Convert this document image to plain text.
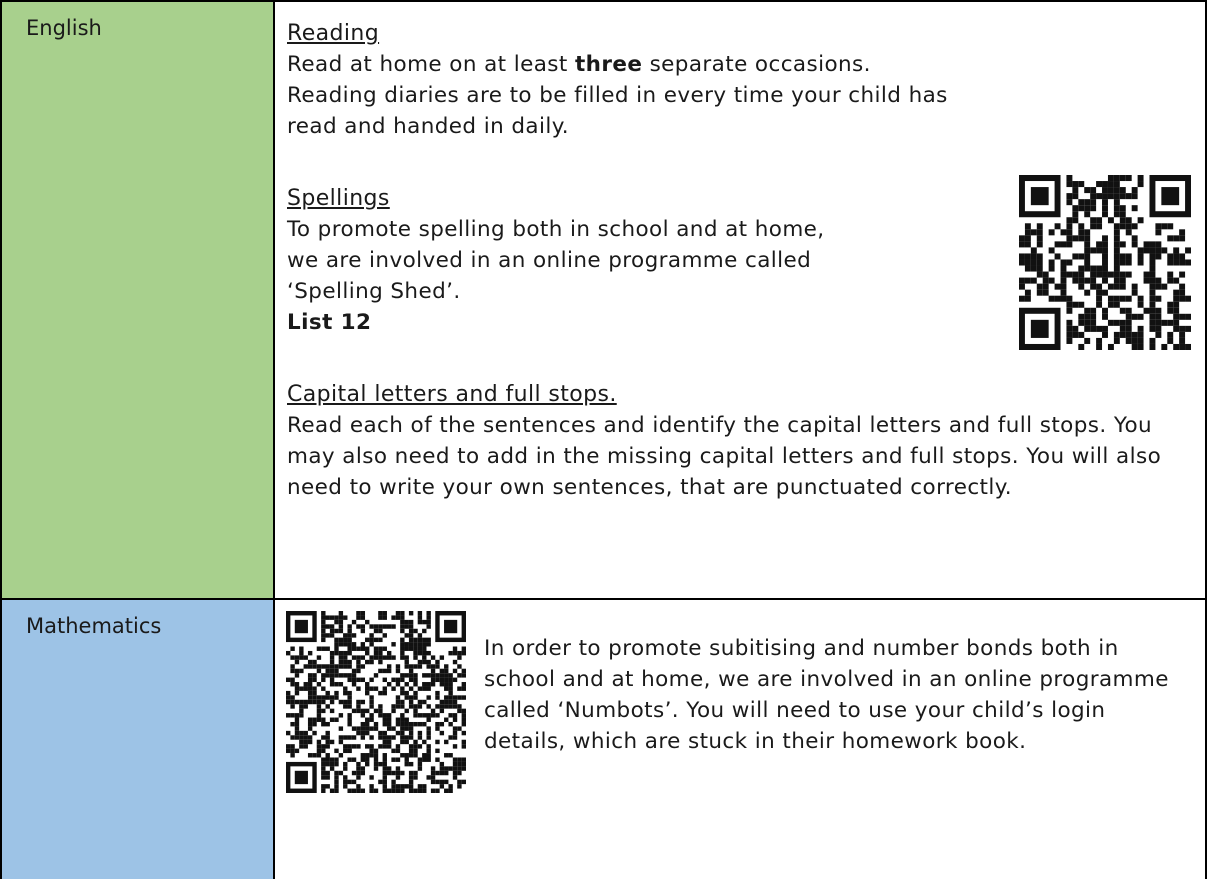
English	Reading

Read at home on at least three separate occasions. Reading diaries are to be filled in every time your child has read and handed in daily.

Spellings
To promote spelling both in school and at home,
we are involved in an online programme called
‘Spelling Shed’.
List 12
Capital letters and full stops.

Read each of the sentences and identify the capital letters and full stops. You may also need to add in the missing capital letters and full stops. You will also need to write your own sentences, that are punctuated correctly.

Mathematics

In order to promote subitising and number bonds both in school and at home, we are involved in an online programme called ‘Numbots’. You will need to use your child’s login details, which are stuck in their homework book.
